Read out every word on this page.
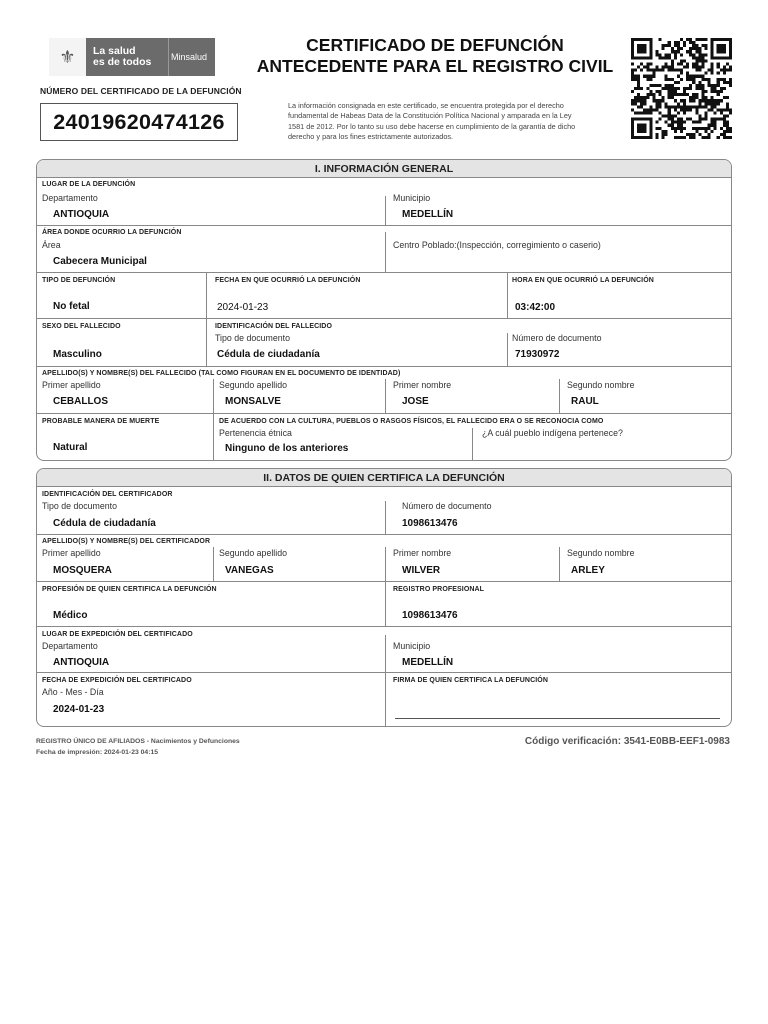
⚜ La salud
es de todos	Minsalud
NÚMERO DEL CERTIFICADO DE LA DEFUNCIÓN
24019620474126
CERTIFICADO DE DEFUNCIÓN
ANTECEDENTE PARA EL REGISTRO CIVIL
La información consignada en este certificado, se encuentra protegida por el derecho fundamental de Habeas Data de la Constitución Política Nacional y amparada en la Ley 1581 de 2012. Por lo tanto su uso debe hacerse en cumplimiento de la garantía de dicho derecho y para los fines estrictamente autorizados.
I. INFORMACIÓN GENERAL
LUGAR DE LA DEFUNCIÓN
Departamento
ANTIOQUIA
Municipio
MEDELLÍN
ÁREA DONDE OCURRIO LA DEFUNCIÓN
Área
Cabecera Municipal
Centro Poblado:(Inspección, corregimiento o caserio)
TIPO DE DEFUNCIÓN
No fetal
FECHA EN QUE OCURRIÓ LA DEFUNCIÓN
2024-01-23
HORA EN QUE OCURRIÓ LA DEFUNCIÓN
03:42:00
SEXO DEL FALLECIDO
Masculino
IDENTIFICACIÓN DEL FALLECIDO
Tipo de documento
Cédula de ciudadanía
Número de documento
71930972
APELLIDO(S) Y NOMBRE(S) DEL FALLECIDO (TAL COMO FIGURAN EN EL DOCUMENTO DE IDENTIDAD)
Primer apellido
CEBALLOS
Segundo apellido
MONSALVE
Primer nombre
JOSE
Segundo nombre
RAUL
PROBABLE MANERA DE MUERTE
Natural
DE ACUERDO CON LA CULTURA, PUEBLOS O RASGOS FÍSICOS, EL FALLECIDO ERA O SE RECONOCIA COMO
Pertenencia étnica
Ninguno de los anteriores
¿A cuál pueblo indígena pertenece?
II. DATOS DE QUIEN CERTIFICA LA DEFUNCIÓN
IDENTIFICACIÓN DEL CERTIFICADOR
Tipo de documento
Cédula de ciudadanía
Número de documento
1098613476
APELLIDO(S) Y NOMBRE(S) DEL CERTIFICADOR
Primer apellido
MOSQUERA
Segundo apellido
VANEGAS
Primer nombre
WILVER
Segundo nombre
ARLEY
PROFESIÓN DE QUIEN CERTIFICA LA DEFUNCIÓN
Médico
REGISTRO PROFESIONAL
1098613476
LUGAR DE EXPEDICIÓN DEL CERTIFICADO
Departamento
ANTIOQUIA
Municipio
MEDELLÍN
FECHA DE EXPEDICIÓN DEL CERTIFICADO
Año - Mes - Día
2024-01-23
FIRMA DE QUIEN CERTIFICA LA DEFUNCIÓN
REGISTRO ÚNICO DE AFILIADOS - Nacimientos y Defunciones
Fecha de impresión: 2024-01-23 04:15
Código verificación: 3541-E0BB-EEF1-0983
